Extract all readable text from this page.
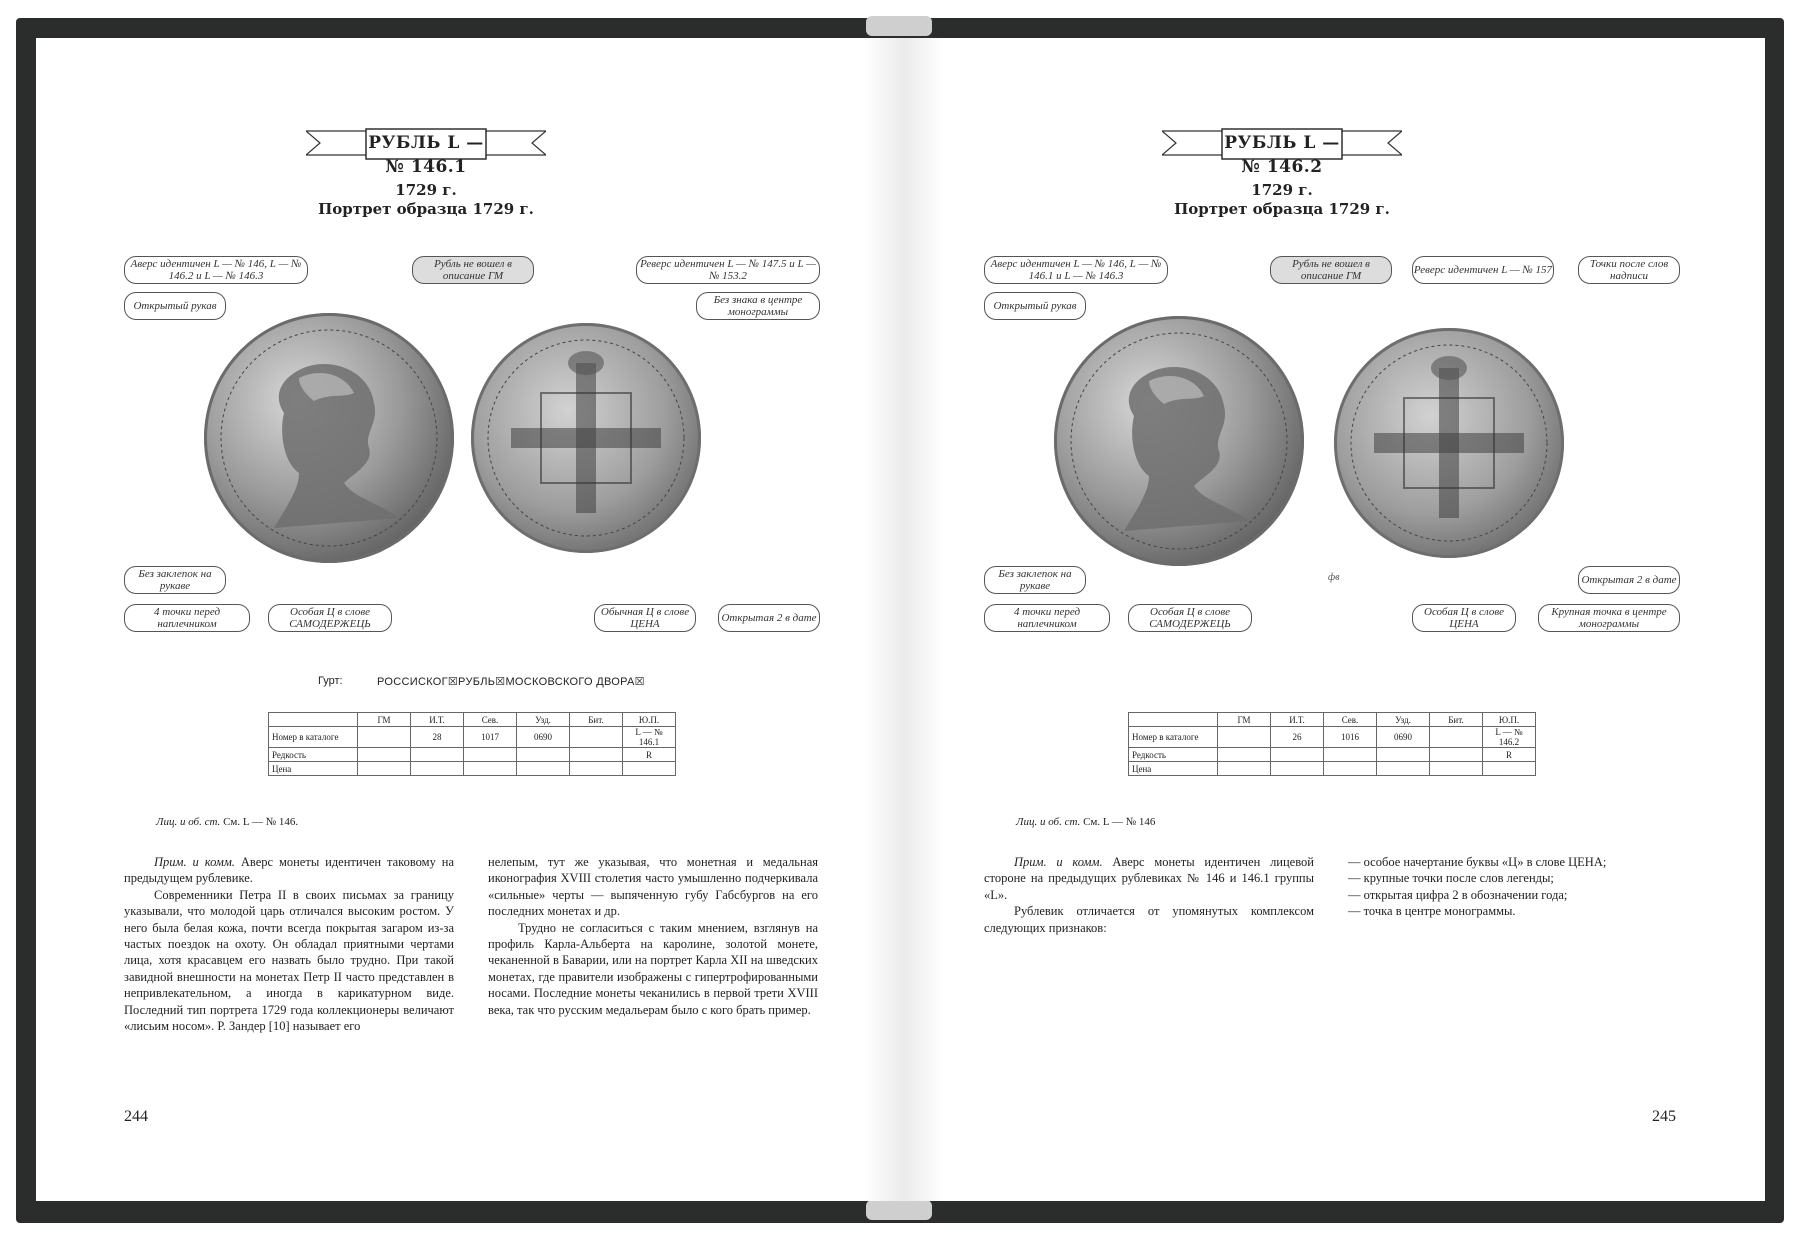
РУБЛЬ L — № 146.1
1729 г.
Портрет образца 1729 г.
Аверс идентичен L — № 146, L — № 146.2 и L — № 146.3
Рубль не вошел в описание ГМ
Реверс идентичен L — № 147.5 и L — № 153.2
Открытый рукав	Без знака в центре монограммы
Без заклепок на рукаве
4 точки перед наплечником
Особая Ц в слове САМОДЕРЖЕЦЬ
Обычная Ц в слове ЦЕНА	Открытая 2 в дате
Гурт:	РОССИСКОГ☒РУБЛЬ☒МОСКОВСКОГО ДВОРА☒
	ГМ	И.Т.	Сев.	Узд.	Бит.	Ю.П.
Номер в каталоге		28	1017	0690		L — № 146.1
Редкость						R
Цена						
Лиц. и об. ст. См. L — № 146.

Прим. и комм. Аверс монеты идентичен таковому на предыдущем рублевике.

Современники Петра II в своих письмах за границу указывали, что молодой царь отличался высоким ростом. У него была белая кожа, почти всегда покрытая загаром из-за частых поездок на охоту. Он обладал приятными чертами лица, хотя красавцем его назвать было трудно. При такой завидной внешности на монетах Петр II часто представлен в непривлекательном, а иногда в карикатурном виде. Последний тип портрета 1729 года коллекционеры величают «лисьим носом». Р. Зандер [10] называет его

нелепым, тут же указывая, что монетная и медальная иконография XVIII столетия часто умышленно подчеркивала «сильные» черты — выпяченную губу Габсбургов на его последних монетах и др.

Трудно не согласиться с таким мнением, взглянув на профиль Карла-Альберта на каролине, золотой монете, чеканенной в Баварии, или на портрет Карла XII на шведских монетах, где правители изображены с гипертрофированными носами. Последние монеты чеканились в первой трети XVIII века, так что русским медальерам было с кого брать пример.

244
РУБЛЬ L — № 146.2
1729 г.
Портрет образца 1729 г.
Аверс идентичен L — № 146, L — № 146.1 и L — № 146.3
Рубль не вошел в описание ГМ	Реверс идентичен L — № 157	Точки после слов надписи
Открытый рукав
фв
Без заклепок на рукаве	Открытая 2 в дате
4 точки перед наплечником
Особая Ц в слове САМОДЕРЖЕЦЬ
Особая Ц в слове ЦЕНА
Крупная точка в центре монограммы
	ГМ	И.Т.	Сев.	Узд.	Бит.	Ю.П.
Номер в каталоге		26	1016	0690		L — № 146.2
Редкость						R
Цена						
Лиц. и об. ст. См. L — № 146

Прим. и комм. Аверс монеты идентичен лицевой стороне на предыдущих рублевиках № 146 и 146.1 группы «L».

Рублевик отличается от упомянутых комплексом следующих признаков:

— особое начертание буквы «Ц» в слове ЦЕНА;

— крупные точки после слов легенды;

— открытая цифра 2 в обозначении года;

— точка в центре монограммы.

245
